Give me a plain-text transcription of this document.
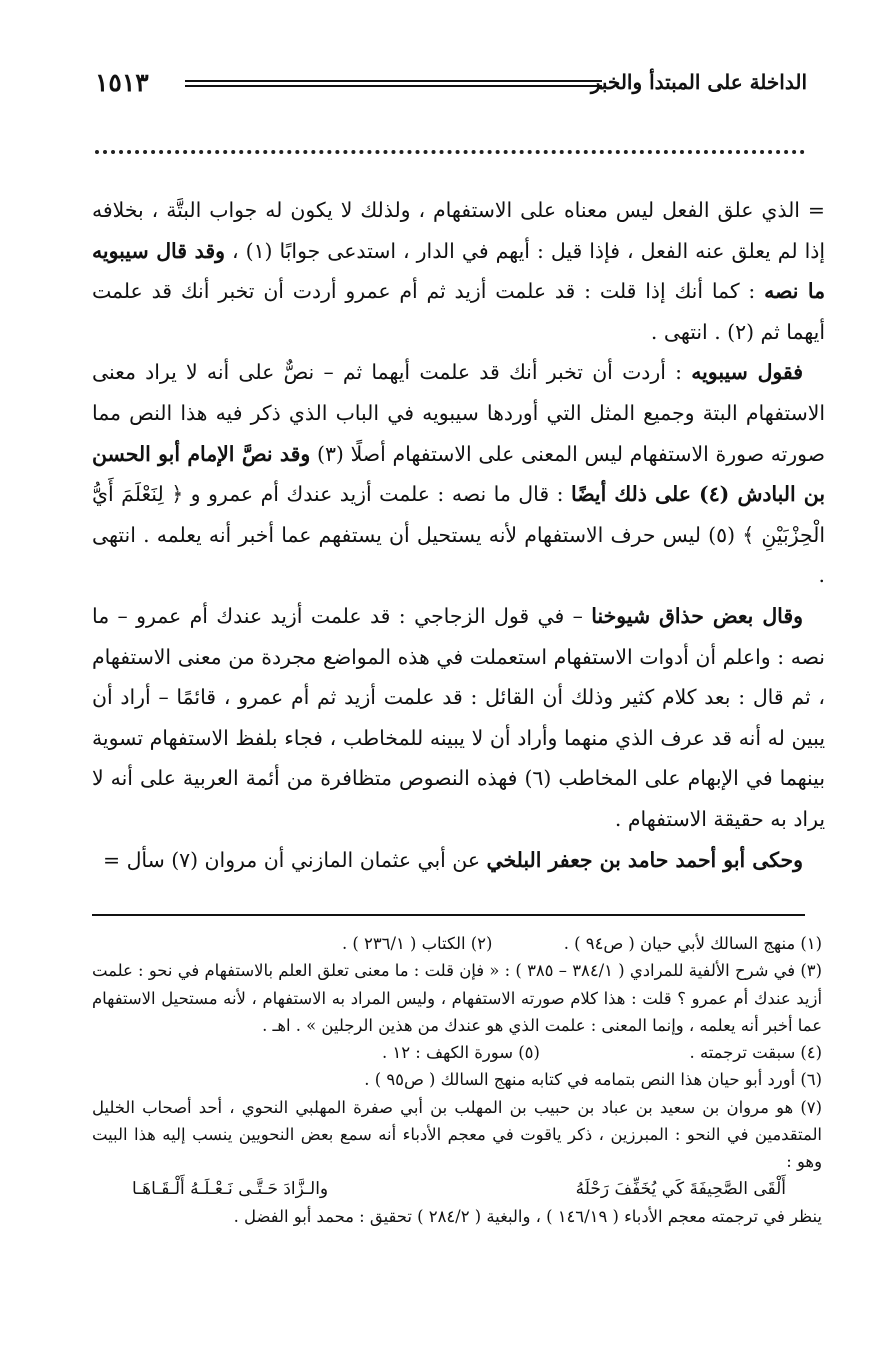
الداخلة على المبتدأ والخبر
١٥١٣

= الذي علق الفعل ليس معناه على الاستفهام ، ولذلك لا يكون له جواب البتَّة ، بخلافه إذا لم يعلق عنه الفعل ، فإذا قيل : أيهم في الدار ، استدعى جوابًا (١) ، وقد قال سيبويه ما نصه : كما أنك إذا قلت : قد علمت أزيد ثم أم عمرو أردت أن تخبر أنك قد علمت أيهما ثم (٢) . انتهى .

فقول سيبويه : أردت أن تخبر أنك قد علمت أيهما ثم – نصٌّ على أنه لا يراد معنى الاستفهام البتة وجميع المثل التي أوردها سيبويه في الباب الذي ذكر فيه هذا النص مما صورته صورة الاستفهام ليس المعنى على الاستفهام أصلًا (٣) وقد نصَّ الإمام أبو الحسن بن البادش (٤) على ذلك أيضًا : قال ما نصه : علمت أزيد عندك أم عمرو و ﴿ لِنَعْلَمَ أَيُّ الْحِزْبَيْنِ ﴾ (٥) ليس حرف الاستفهام لأنه يستحيل أن يستفهم عما أخبر أنه يعلمه . انتهى .

وقال بعض حذاق شيوخنا – في قول الزجاجي : قد علمت أزيد عندك أم عمرو – ما نصه : واعلم أن أدوات الاستفهام استعملت في هذه المواضع مجردة من معنى الاستفهام ، ثم قال : بعد كلام كثير وذلك أن القائل : قد علمت أزيد ثم أم عمرو ، قائمًا – أراد أن يبين له أنه قد عرف الذي منهما وأراد أن لا يبينه للمخاطب ، فجاء بلفظ الاستفهام تسوية بينهما في الإبهام على المخاطب (٦) فهذه النصوص متظافرة من أئمة العربية على أنه لا يراد به حقيقة الاستفهام .

وحكى أبو أحمد حامد بن جعفر البلخي عن أبي عثمان المازني أن مروان (٧) سأل =

(١) منهج السالك لأبي حيان ( ص٩٤ ) .
(٢) الكتاب ( ٢٣٦/١ ) .

(٣) في شرح الألفية للمرادي ( ٣٨٤/١ – ٣٨٥ ) : « فإن قلت : ما معنى تعلق العلم بالاستفهام في نحو : علمت أزيد عندك أم عمرو ؟ قلت : هذا كلام صورته الاستفهام ، وليس المراد به الاستفهام ، لأنه مستحيل الاستفهام عما أخبر أنه يعلمه ، وإنما المعنى : علمت الذي هو عندك من هذين الرجلين » . اهـ .

(٤) سبقت ترجمته .
(٥) سورة الكهف : ١٢ .

(٦) أورد أبو حيان هذا النص بتمامه في كتابه منهج السالك ( ص٩٥ ) .

(٧) هو مروان بن سعيد بن عباد بن حبيب بن المهلب بن أبي صفرة المهلبي النحوي ، أحد أصحاب الخليل المتقدمين في النحو : المبرزين ، ذكر ياقوت في معجم الأدباء أنه سمع بعض النحويين ينسب إليه هذا البيت وهو :

أَلْقَى الصَّحِيفَةَ كَي يُخَفِّفَ رَحْلَهُ
والـزَّادَ حَـتَّـى نَـعْـلَـهُ أَلْـقَـاهَـا

ينظر في ترجمته معجم الأدباء ( ١٤٦/١٩ ) ، والبغية ( ٢٨٤/٢ ) تحقيق : محمد أبو الفضل .
